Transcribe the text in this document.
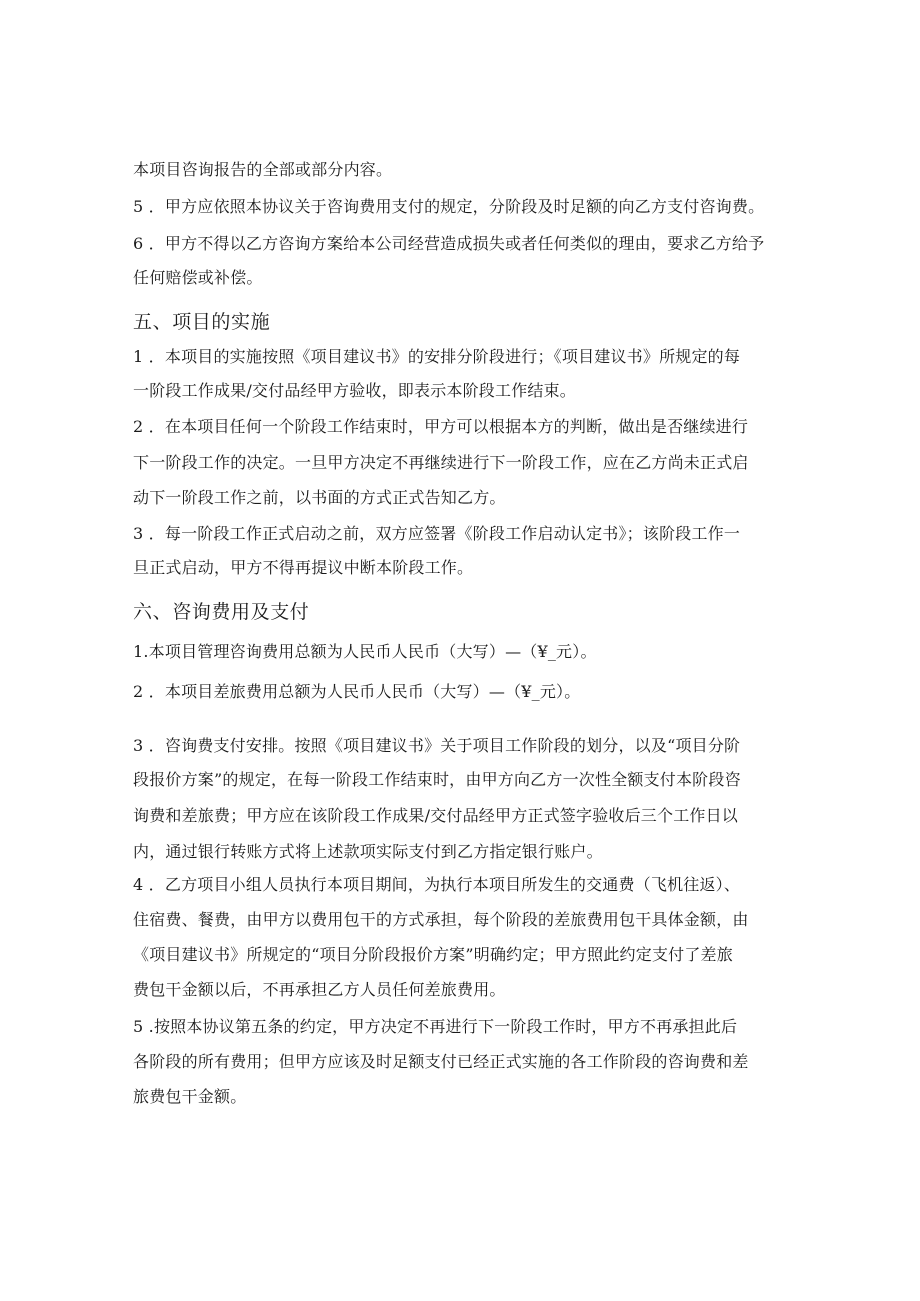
本项目咨询报告的全部或部分内容。
5 ．甲方应依照本协议关于咨询费用支付的规定，分阶段及时足额的向乙方支付咨询费。
6 ．甲方不得以乙方咨询方案给本公司经营造成损失或者任何类似的理由，要求乙方给予
任何赔偿或补偿。
五、项目的实施
1 ．本项目的实施按照《项目建议书》的安排分阶段进行；《项目建议书》所规定的每
一阶段工作成果/交付品经甲方验收，即表示本阶段工作结束。
2 ．在本项目任何一个阶段工作结束时，甲方可以根据本方的判断，做出是否继续进行
下一阶段工作的决定。一旦甲方决定不再继续进行下一阶段工作，应在乙方尚未正式启
动下一阶段工作之前，以书面的方式正式告知乙方。
3 ．每一阶段工作正式启动之前，双方应签署《阶段工作启动认定书》；该阶段工作一
旦正式启动，甲方不得再提议中断本阶段工作。
六、咨询费用及支付
1.本项目管理咨询费用总额为人民币人民币（大写）—（¥_元）。
2 ．本项目差旅费用总额为人民币人民币（大写）—（¥_元）。
3 ．咨询费支付安排。按照《项目建议书》关于项目工作阶段的划分，以及“项目分阶
段报价方案”的规定，在每一阶段工作结束时，由甲方向乙方一次性全额支付本阶段咨
询费和差旅费；甲方应在该阶段工作成果/交付品经甲方正式签字验收后三个工作日以
内，通过银行转账方式将上述款项实际支付到乙方指定银行账户。
4 ．乙方项目小组人员执行本项目期间，为执行本项目所发生的交通费（飞机往返）、
住宿费、餐费，由甲方以费用包干的方式承担，每个阶段的差旅费用包干具体金额，由
《项目建议书》所规定的“项目分阶段报价方案”明确约定；甲方照此约定支付了差旅
费包干金额以后，不再承担乙方人员任何差旅费用。
5 .按照本协议第五条的约定，甲方决定不再进行下一阶段工作时，甲方不再承担此后
各阶段的所有费用；但甲方应该及时足额支付已经正式实施的各工作阶段的咨询费和差
旅费包干金额。
